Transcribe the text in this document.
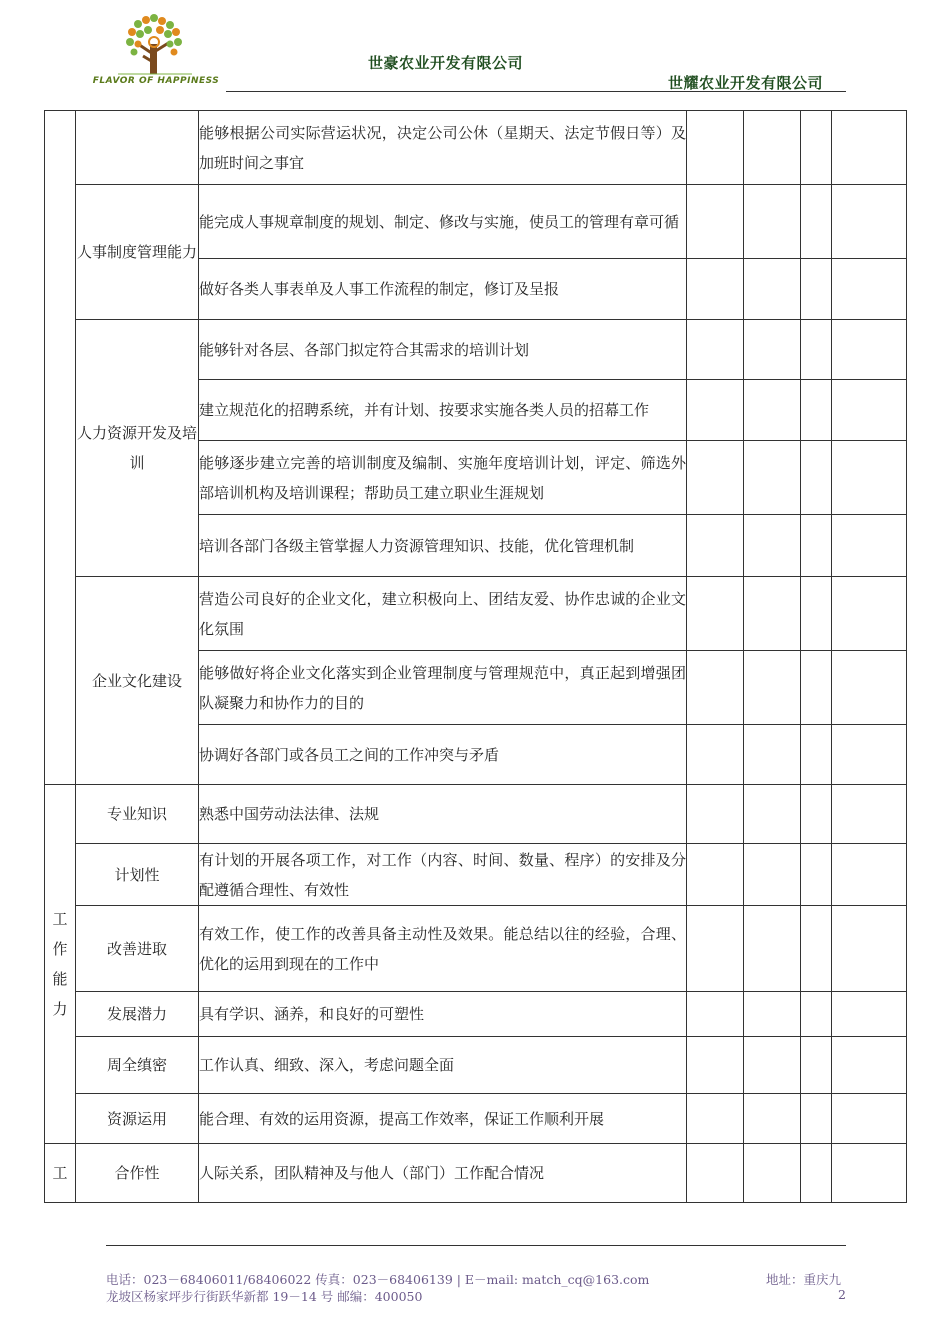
FLAVOR OF HAPPINESS
世豪农业开发有限公司
世耀农业开发有限公司
		能够根据公司实际营运状况，决定公司公休（星期天、法定节假日等）及加班时间之事宜				
	人事制度管理能力	能完成人事规章制度的规划、制定、修改与实施，使员工的管理有章可循				
		做好各类人事表单及人事工作流程的制定，修订及呈报				
	人力资源开发及培训	能够针对各层、各部门拟定符合其需求的培训计划				
		建立规范化的招聘系统，并有计划、按要求实施各类人员的招幕工作				
		能够逐步建立完善的培训制度及编制、实施年度培训计划，评定、筛选外部培训机构及培训课程；帮助员工建立职业生涯规划				
		培训各部门各级主管掌握人力资源管理知识、技能，优化管理机制				
	企业文化建设	营造公司良好的企业文化，建立积极向上、团结友爱、协作忠诚的企业文化氛围				
		能够做好将企业文化落实到企业管理制度与管理规范中，真正起到增强团队凝聚力和协作力的目的				
		协调好各部门或各员工之间的工作冲突与矛盾				

工作能力	专业知识	熟悉中国劳动法法律、法规				
	计划性	有计划的开展各项工作，对工作（内容、时间、数量、程序）的安排及分配遵循合理性、有效性				
	改善进取	有效工作，使工作的改善具备主动性及效果。能总结以往的经验，合理、优化的运用到现在的工作中				
	发展潜力	具有学识、涵养，和良好的可塑性				
	周全缜密	工作认真、细致、深入，考虑问题全面				
	资源运用	能合理、有效的运用资源，提高工作效率，保证工作顺利开展				

工	合作性	人际关系，团队精神及与他人（部门）工作配合情况				
电话：023－68406011/68406022 传真：023－68406139 | E－mail: match_cq@163.com
龙坡区杨家坪步行街跃华新都 19－14 号 邮编：400050
地址：重庆九
2
